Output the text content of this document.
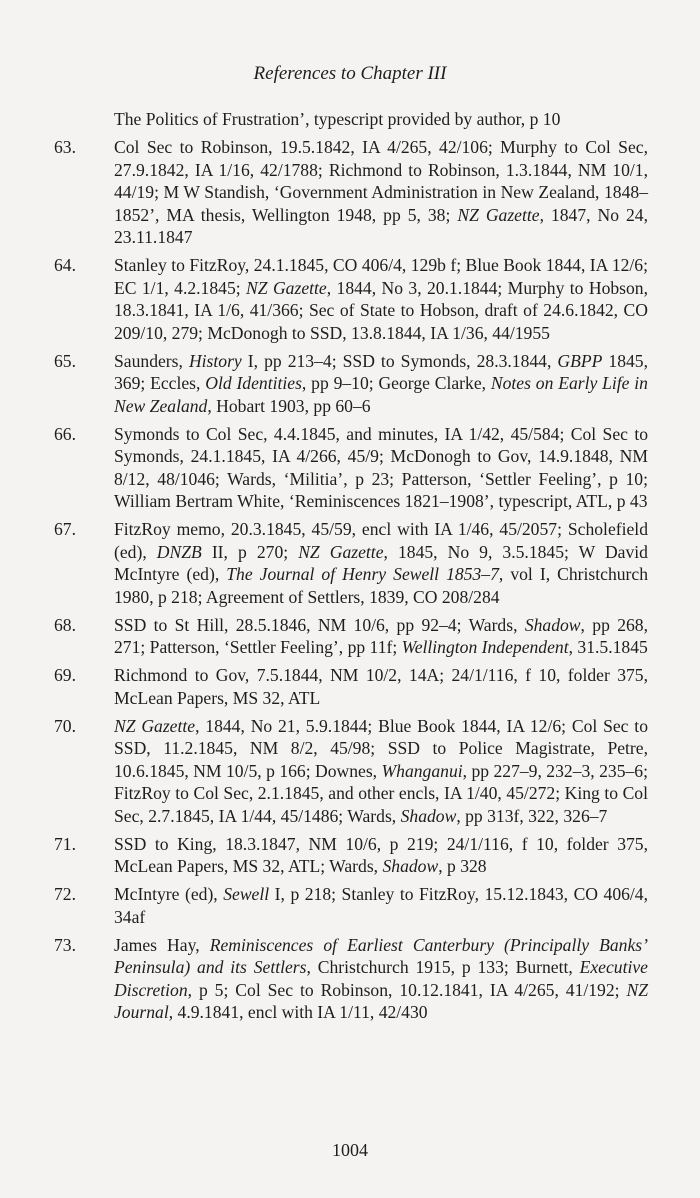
References to Chapter III
The Politics of Frustration’, typescript provided by author, p 10
63. Col Sec to Robinson, 19.5.1842, IA 4/265, 42/106; Murphy to Col Sec, 27.9.1842, IA 1/16, 42/1788; Richmond to Robinson, 1.3.1844, NM 10/1, 44/19; M W Standish, ‘Government Administration in New Zealand, 1848–1852’, MA thesis, Wellington 1948, pp 5, 38; NZ Gazette, 1847, No 24, 23.11.1847
64. Stanley to FitzRoy, 24.1.1845, CO 406/4, 129b f; Blue Book 1844, IA 12/6; EC 1/1, 4.2.1845; NZ Gazette, 1844, No 3, 20.1.1844; Murphy to Hobson, 18.3.1841, IA 1/6, 41/366; Sec of State to Hobson, draft of 24.6.1842, CO 209/10, 279; McDonogh to SSD, 13.8.1844, IA 1/36, 44/1955
65. Saunders, History I, pp 213–4; SSD to Symonds, 28.3.1844, GBPP 1845, 369; Eccles, Old Identities, pp 9–10; George Clarke, Notes on Early Life in New Zealand, Hobart 1903, pp 60–6
66. Symonds to Col Sec, 4.4.1845, and minutes, IA 1/42, 45/584; Col Sec to Symonds, 24.1.1845, IA 4/266, 45/9; McDonogh to Gov, 14.9.1848, NM 8/12, 48/1046; Wards, ‘Militia’, p 23; Patterson, ‘Settler Feeling’, p 10; William Bertram White, ‘Reminiscences 1821–1908’, typescript, ATL, p 43
67. FitzRoy memo, 20.3.1845, 45/59, encl with IA 1/46, 45/2057; Scholefield (ed), DNZB II, p 270; NZ Gazette, 1845, No 9, 3.5.1845; W David McIntyre (ed), The Journal of Henry Sewell 1853–7, vol I, Christchurch 1980, p 218; Agreement of Settlers, 1839, CO 208/284
68. SSD to St Hill, 28.5.1846, NM 10/6, pp 92–4; Wards, Shadow, pp 268, 271; Patterson, ‘Settler Feeling’, pp 11f; Wellington Independent, 31.5.1845
69. Richmond to Gov, 7.5.1844, NM 10/2, 14A; 24/1/116, f 10, folder 375, McLean Papers, MS 32, ATL
70. NZ Gazette, 1844, No 21, 5.9.1844; Blue Book 1844, IA 12/6; Col Sec to SSD, 11.2.1845, NM 8/2, 45/98; SSD to Police Magistrate, Petre, 10.6.1845, NM 10/5, p 166; Downes, Whanganui, pp 227–9, 232–3, 235–6; FitzRoy to Col Sec, 2.1.1845, and other encls, IA 1/40, 45/272; King to Col Sec, 2.7.1845, IA 1/44, 45/1486; Wards, Shadow, pp 313f, 322, 326–7
71. SSD to King, 18.3.1847, NM 10/6, p 219; 24/1/116, f 10, folder 375, McLean Papers, MS 32, ATL; Wards, Shadow, p 328
72. McIntyre (ed), Sewell I, p 218; Stanley to FitzRoy, 15.12.1843, CO 406/4, 34af
73. James Hay, Reminiscences of Earliest Canterbury (Principally Banks’ Peninsula) and its Settlers, Christchurch 1915, p 133; Burnett, Executive Discretion, p 5; Col Sec to Robinson, 10.12.1841, IA 4/265, 41/192; NZ Journal, 4.9.1841, encl with IA 1/11, 42/430
1004
